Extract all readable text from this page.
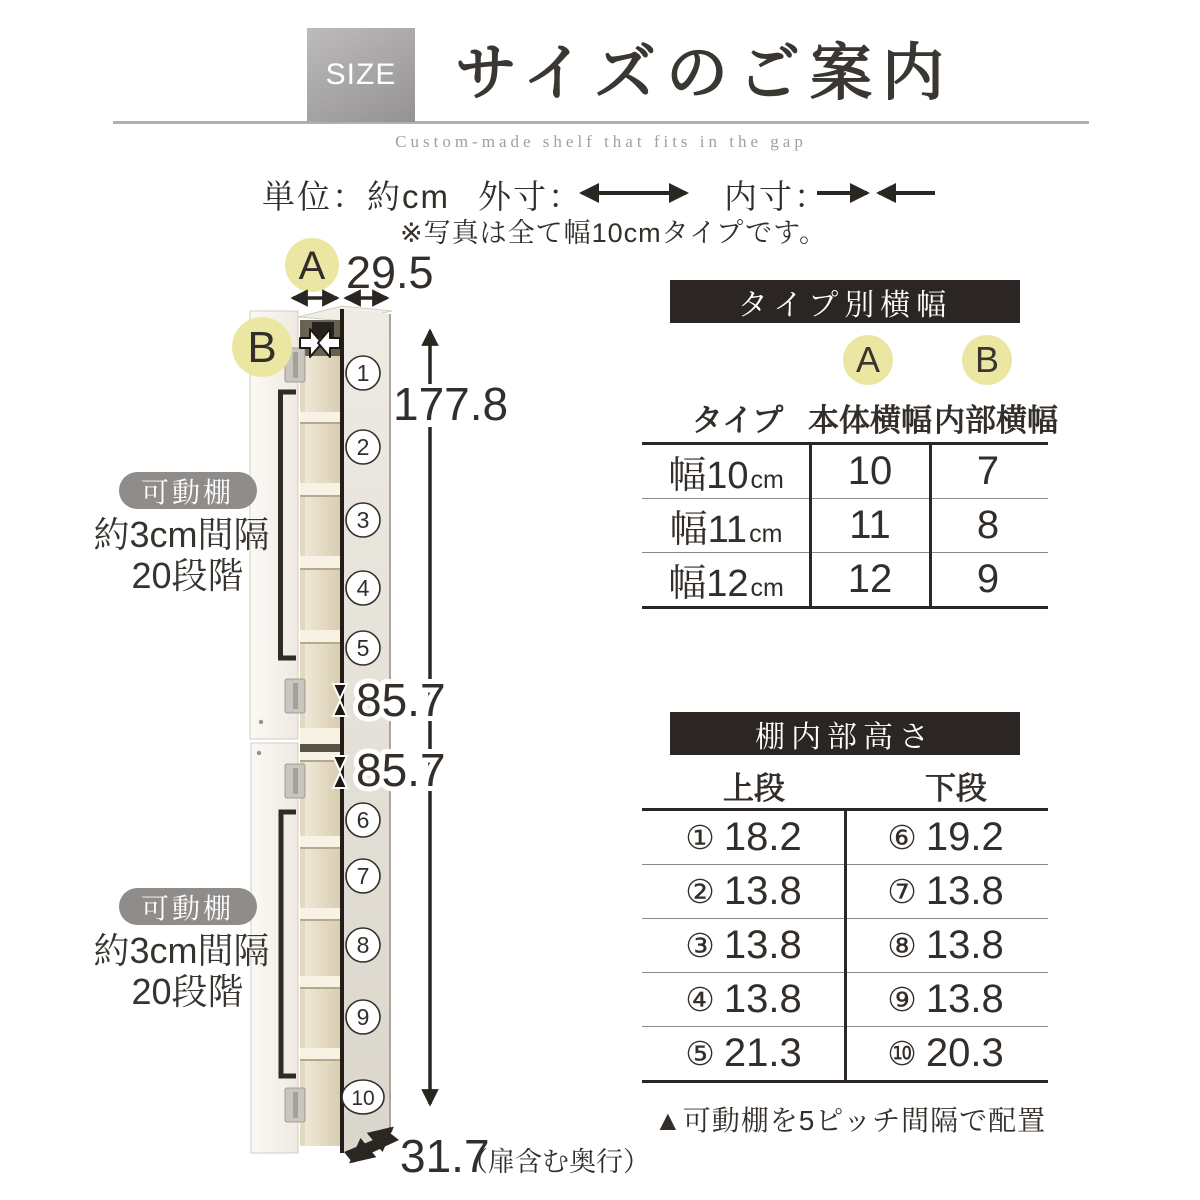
SIZE サイズのご案内
Custom-made shelf that fits in the gap
単位：約cm 外寸：	内寸：
※写真は全て幅10cmタイプです。
1
2
3
4
5
6
7
8
9
10
A 29.5
B
177.8
85.7
85.7
31.7
（扉含む奥行）
可動棚
約3cm間隔
20段階
可動棚
約3cm間隔
20段階
タイプ別横幅
A	B
タイプ 本体横幅 内部横幅
幅10 cm	10	7
幅11 cm	11	8
幅12 cm	12	9
棚内部高さ
上段	下段
① 18.2	⑥ 19.2
② 13.8	⑦ 13.8
③ 13.8	⑧ 13.8
④ 13.8	⑨ 13.8
⑤ 21.3	⑩ 20.3
▲可動棚を5ピッチ間隔で配置
